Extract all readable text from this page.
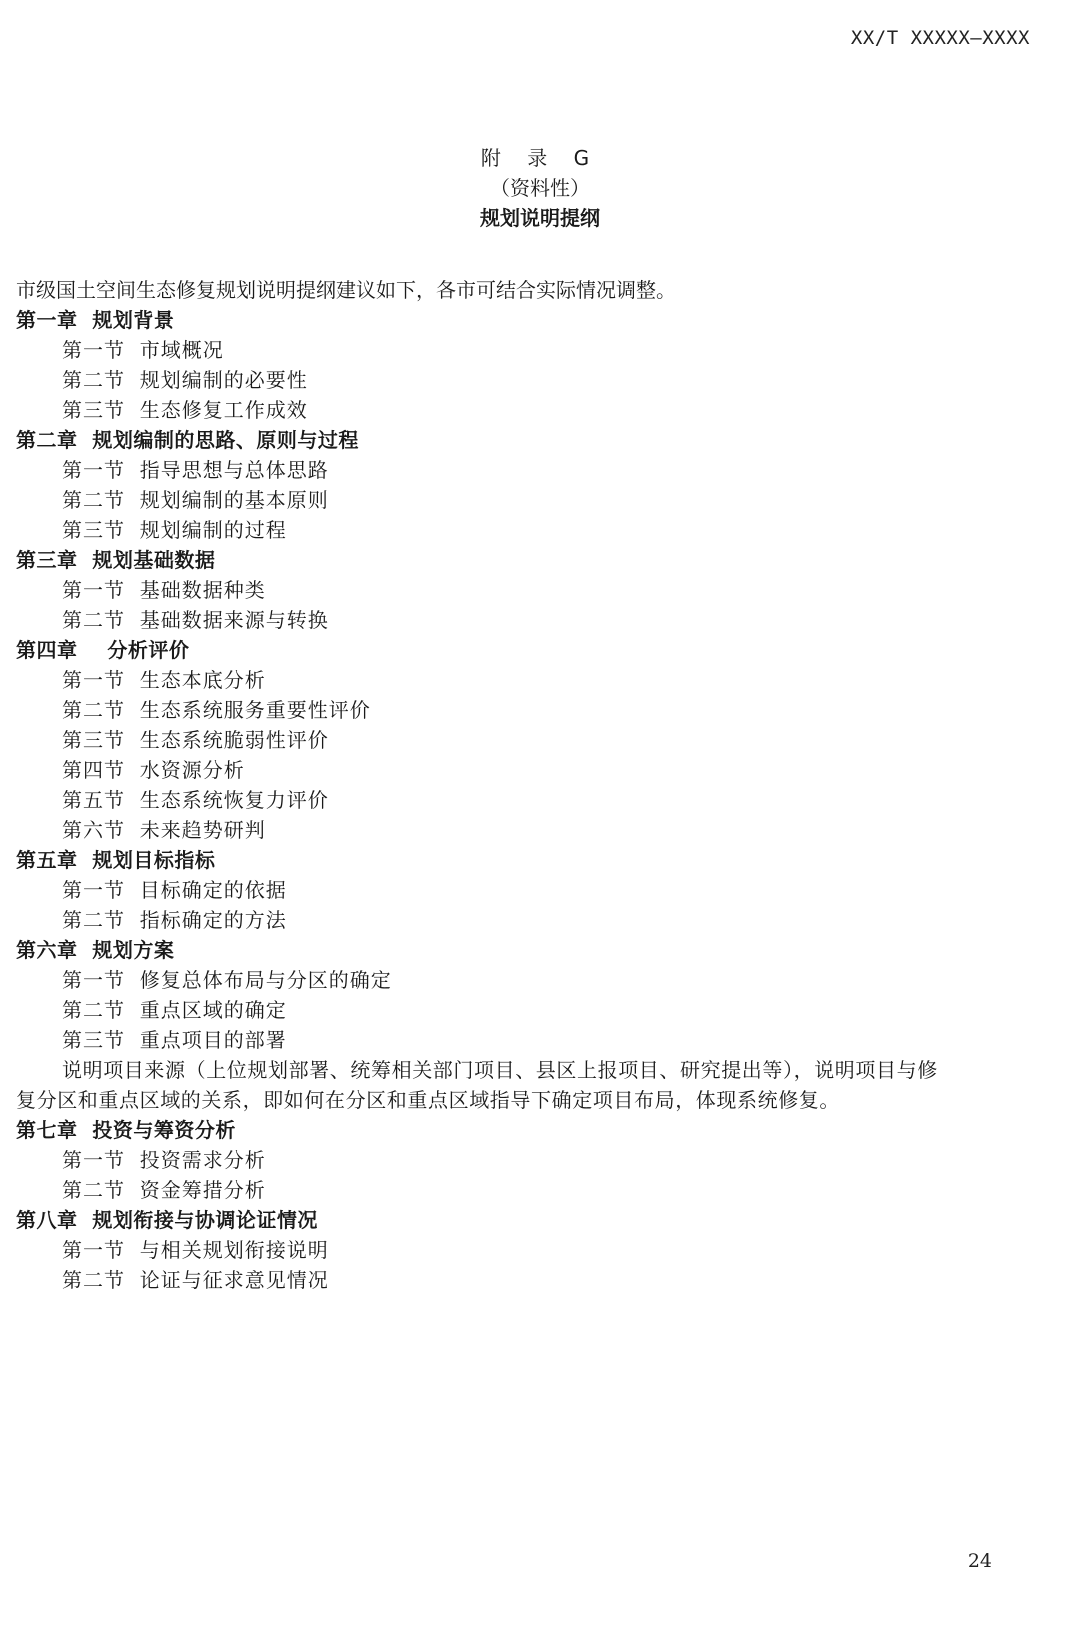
XX/T XXXXX—XXXX
附 录 G
（资料性）
规划说明提纲
市级国土空间生态修复规划说明提纲建议如下，各市可结合实际情况调整。
第一章  规划背景
第一节  市域概况
第二节  规划编制的必要性
第三节  生态修复工作成效
第二章  规划编制的思路、原则与过程
第一节  指导思想与总体思路
第二节  规划编制的基本原则
第三节  规划编制的过程
第三章  规划基础数据
第一节  基础数据种类
第二节  基础数据来源与转换
第四章    分析评价
第一节  生态本底分析
第二节  生态系统服务重要性评价
第三节  生态系统脆弱性评价
第四节  水资源分析
第五节  生态系统恢复力评价
第六节  未来趋势研判
第五章  规划目标指标
第一节  目标确定的依据
第二节  指标确定的方法
第六章  规划方案
第一节  修复总体布局与分区的确定
第二节  重点区域的确定
第三节  重点项目的部署
说明项目来源（上位规划部署、统筹相关部门项目、县区上报项目、研究提出等），说明项目与修
复分区和重点区域的关系，即如何在分区和重点区域指导下确定项目布局，体现系统修复。
第七章  投资与筹资分析
第一节  投资需求分析
第二节  资金筹措分析
第八章  规划衔接与协调论证情况
第一节  与相关规划衔接说明
第二节  论证与征求意见情况
24
